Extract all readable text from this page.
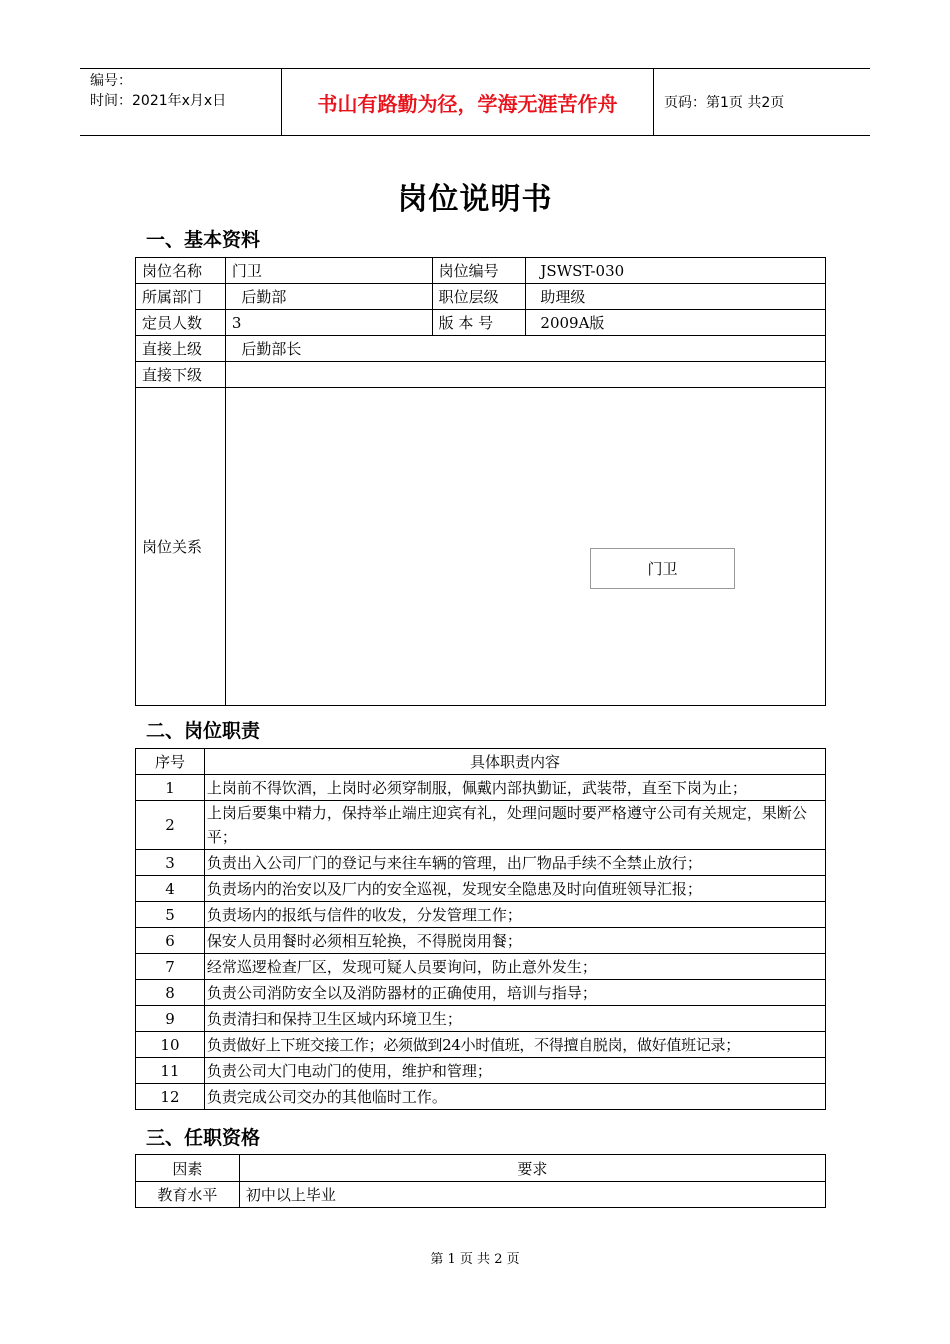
编号：
时间：2021年x月x日	书山有路勤为径，学海无涯苦作舟	页码：第1页 共2页
岗位说明书
一、基本资料
岗位名称	门卫	岗位编号	JSWST-030
所属部门	后勤部	职位层级	助理级
定员人数	3	版 本 号	2009A版
直接上级	后勤部长		
直接下级			
岗位关系			
门卫
二、岗位职责
序号	具体职责内容
1	上岗前不得饮酒，上岗时必须穿制服，佩戴内部执勤证，武装带，直至下岗为止；
2	上岗后要集中精力，保持举止端庄迎宾有礼，处理问题时要严格遵守公司有关规定，果断公平；
3	负责出入公司厂门的登记与来往车辆的管理，出厂物品手续不全禁止放行；
4	负责场内的治安以及厂内的安全巡视，发现安全隐患及时向值班领导汇报；
5	负责场内的报纸与信件的收发，分发管理工作；
6	保安人员用餐时必须相互轮换，不得脱岗用餐；
7	经常巡逻检查厂区，发现可疑人员要询问，防止意外发生；
8	负责公司消防安全以及消防器材的正确使用，培训与指导；
9	负责清扫和保持卫生区域内环境卫生；
10	负责做好上下班交接工作；必须做到24小时值班，不得擅自脱岗，做好值班记录；
11	负责公司大门电动门的使用，维护和管理；
12	负责完成公司交办的其他临时工作。
三、任职资格
因素	要求
教育水平	初中以上毕业
第 1 页 共 2 页
